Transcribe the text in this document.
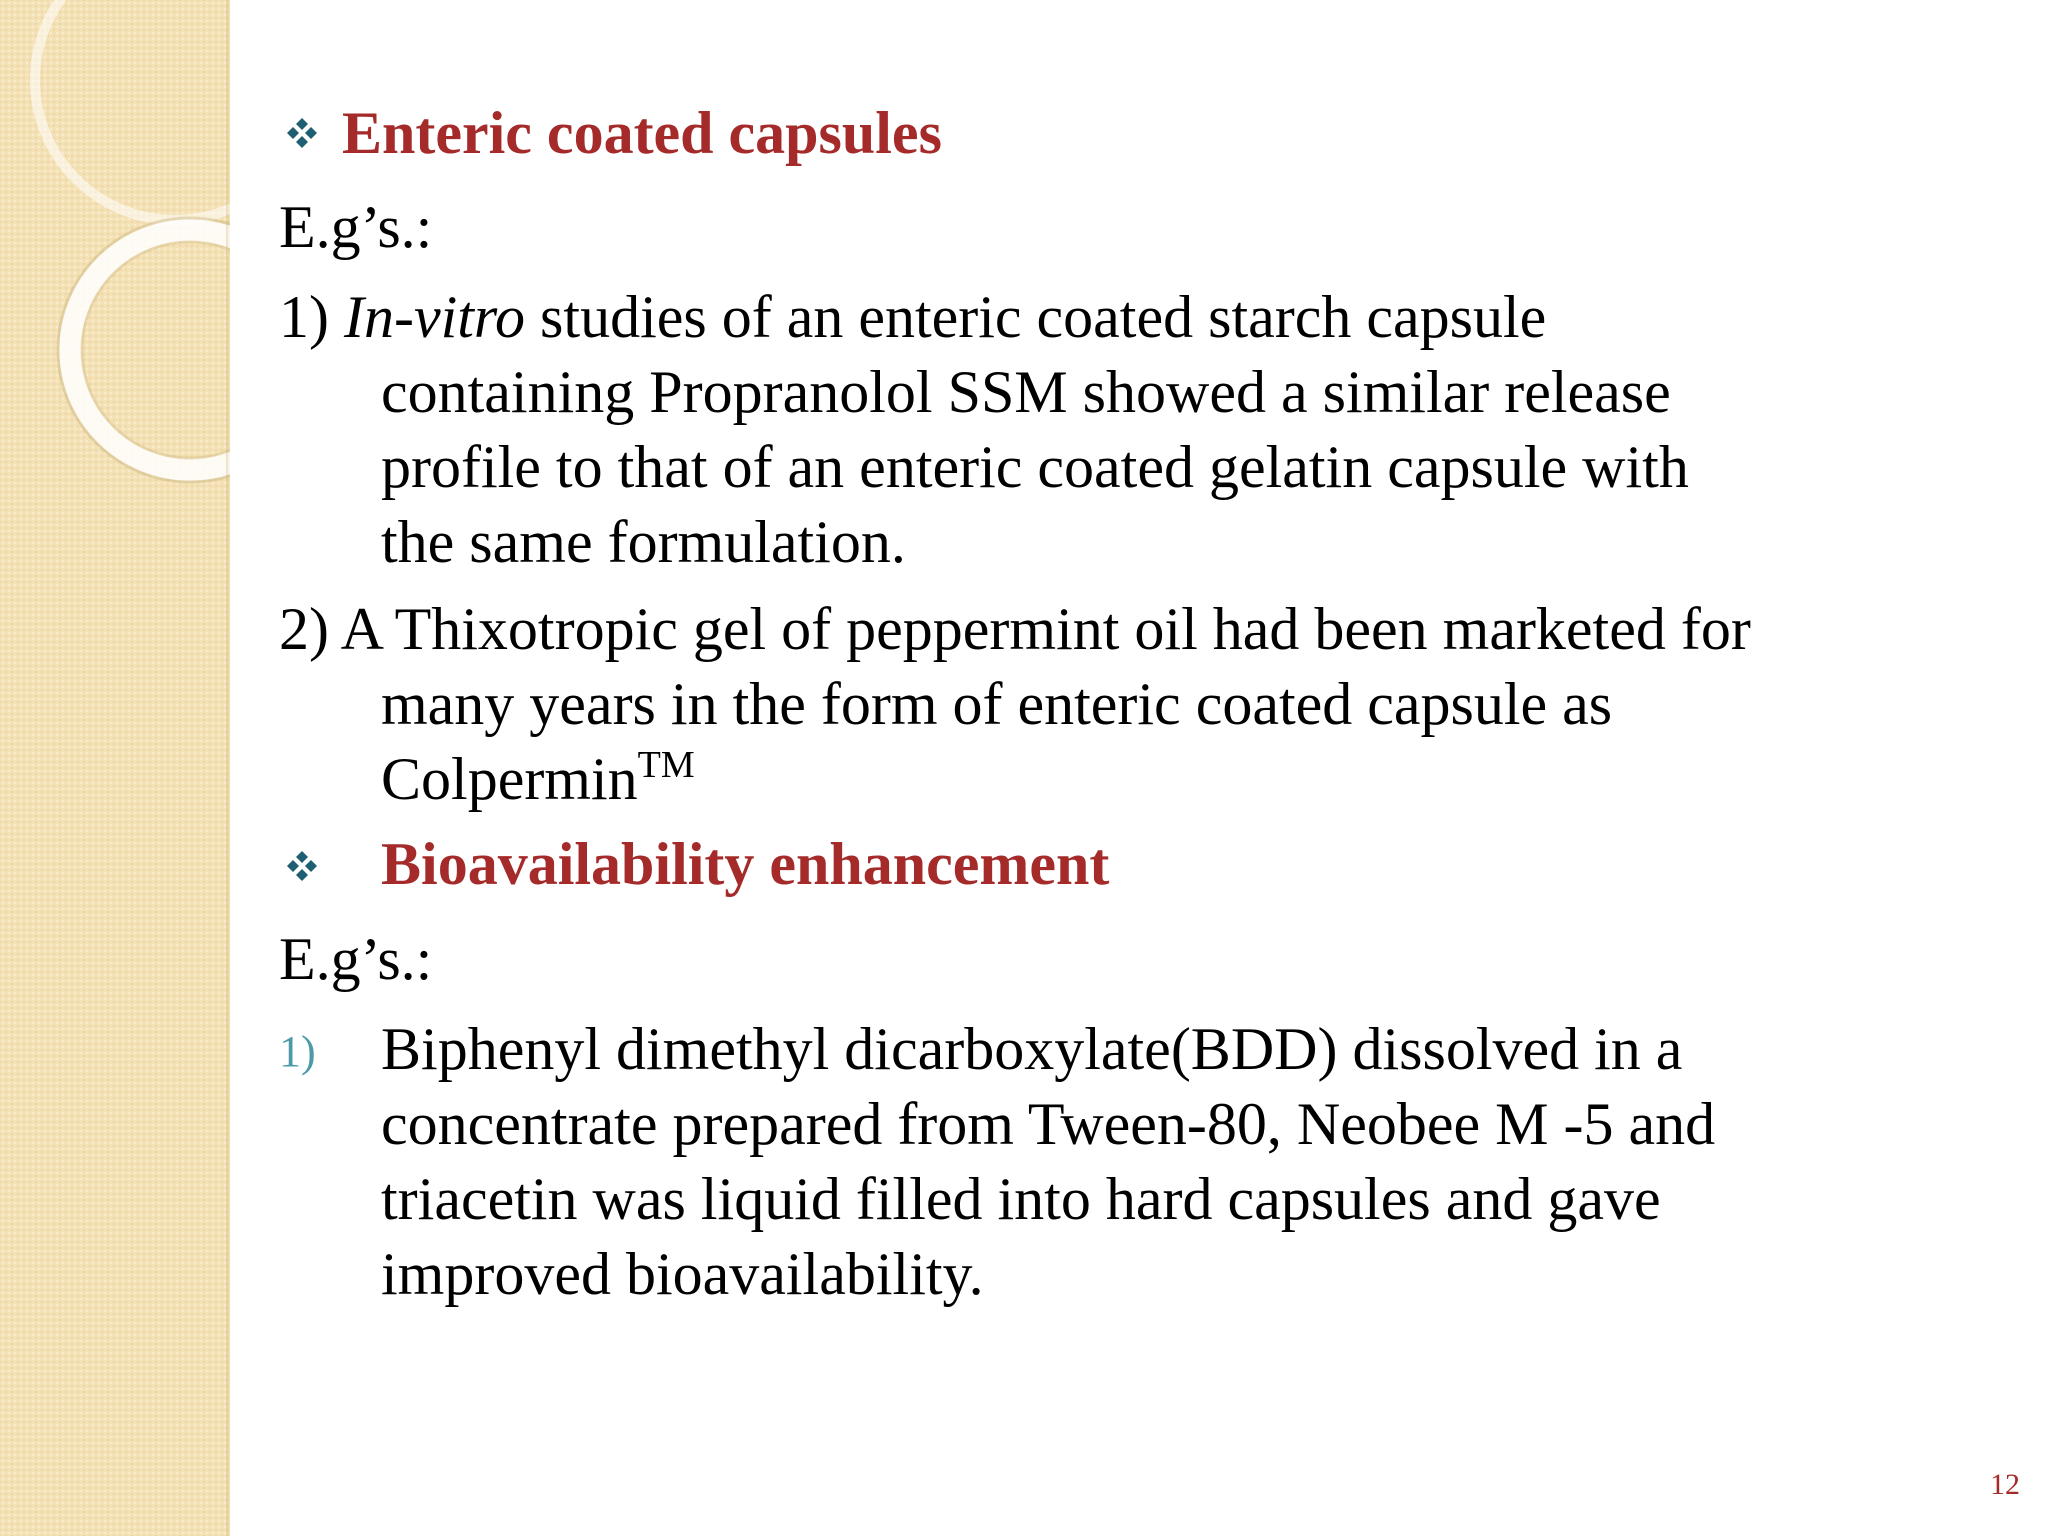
Enteric coated capsules
E.g’s.:
1) In-vitro studies of an enteric coated starch capsule
containing Propranolol SSM showed a similar release
profile to that of an enteric coated gelatin capsule with
the same formulation.
2) A Thixotropic gel of peppermint oil had been marketed for
many years in the form of enteric coated capsule as
Colpermin™
Bioavailability enhancement
E.g’s.:
1) Biphenyl dimethyl dicarboxylate(BDD) dissolved in a
concentrate prepared from Tween-80, Neobee M -5 and
triacetin was liquid filled into hard capsules and gave
improved bioavailability.
12
